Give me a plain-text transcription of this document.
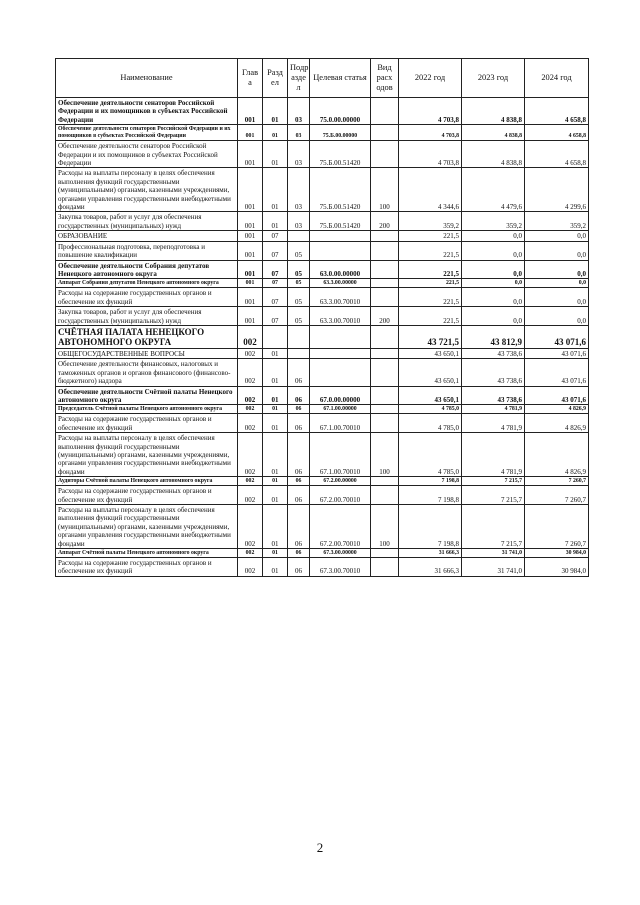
Наименование	Глав а	Разд ел	Подр азде л	Целевая статья	Вид расх одов	2022 год	2023 год	2024 год
Обеспечение деятельности сенаторов Российской Федерации и их помощников в субъектах Российской Федерации	001	01	03	75.0.00.00000		4 703,8	4 838,8	4 658,8
Обеспечение деятельности сенаторов Российской Федерации и их помощников в субъектах Российской Федерации	001	01	03	75.Б.00.00000		4 703,8	4 838,8	4 658,8
Обеспечение деятельности сенаторов Российской Федерации и их помощников в субъектах Российской Федерации	001	01	03	75.Б.00.51420		4 703,8	4 838,8	4 658,8
Расходы на выплаты персоналу в целях обеспечения выполнения функций государственными (муниципальными) органами, казенными учреждениями, органами управления государственными внебюджетными фондами	001	01	03	75.Б.00.51420	100	4 344,6	4 479,6	4 299,6
Закупка товаров, работ и услуг для обеспечения государственных (муниципальных) нужд	001	01	03	75.Б.00.51420	200	359,2	359,2	359,2
ОБРАЗОВАНИЕ	001	07				221,5	0,0	0,0
Профессиональная подготовка, переподготовка и повышение квалификации	001	07	05			221,5	0,0	0,0
Обеспечение деятельности Собрания депутатов Ненецкого автономного округа	001	07	05	63.0.00.00000		221,5	0,0	0,0
Аппарат Собрания депутатов Ненецкого автономного округа	001	07	05	63.3.00.00000		221,5	0,0	0,0
Расходы на содержание государственных органов и обеспечение их функций	001	07	05	63.3.00.70010		221,5	0,0	0,0
Закупка товаров, работ и услуг для обеспечения государственных (муниципальных) нужд	001	07	05	63.3.00.70010	200	221,5	0,0	0,0
СЧЁТНАЯ ПАЛАТА НЕНЕЦКОГО АВТОНОМНОГО ОКРУГА	002					43 721,5	43 812,9	43 071,6
ОБЩЕГОСУДАРСТВЕННЫЕ ВОПРОСЫ	002	01				43 650,1	43 738,6	43 071,6
Обеспечение деятельности финансовых, налоговых и таможенных органов и органов финансового (финансово-бюджетного) надзора	002	01	06			43 650,1	43 738,6	43 071,6
Обеспечение деятельности Счётной палаты Ненецкого автономного округа	002	01	06	67.0.00.00000		43 650,1	43 738,6	43 071,6
Председатель Счётной палаты Ненецкого автономного округа	002	01	06	67.1.00.00000		4 785,0	4 781,9	4 826,9
Расходы на содержание государственных органов и обеспечение их функций	002	01	06	67.1.00.70010		4 785,0	4 781,9	4 826,9
Расходы на выплаты персоналу в целях обеспечения выполнения функций государственными (муниципальными) органами, казенными учреждениями, органами управления государственными внебюджетными фондами	002	01	06	67.1.00.70010	100	4 785,0	4 781,9	4 826,9
Аудиторы Счётной палаты Ненецкого автономного округа	002	01	06	67.2.00.00000		7 198,8	7 215,7	7 260,7
Расходы на содержание государственных органов и обеспечение их функций	002	01	06	67.2.00.70010		7 198,8	7 215,7	7 260,7
Расходы на выплаты персоналу в целях обеспечения выполнения функций государственными (муниципальными) органами, казенными учреждениями, органами управления государственными внебюджетными фондами	002	01	06	67.2.00.70010	100	7 198,8	7 215,7	7 260,7
Аппарат Счётной палаты Ненецкого автономного округа	002	01	06	67.3.00.00000		31 666,3	31 741,0	30 984,0
Расходы на содержание государственных органов и обеспечение их функций	002	01	06	67.3.00.70010		31 666,3	31 741,0	30 984,0
2
